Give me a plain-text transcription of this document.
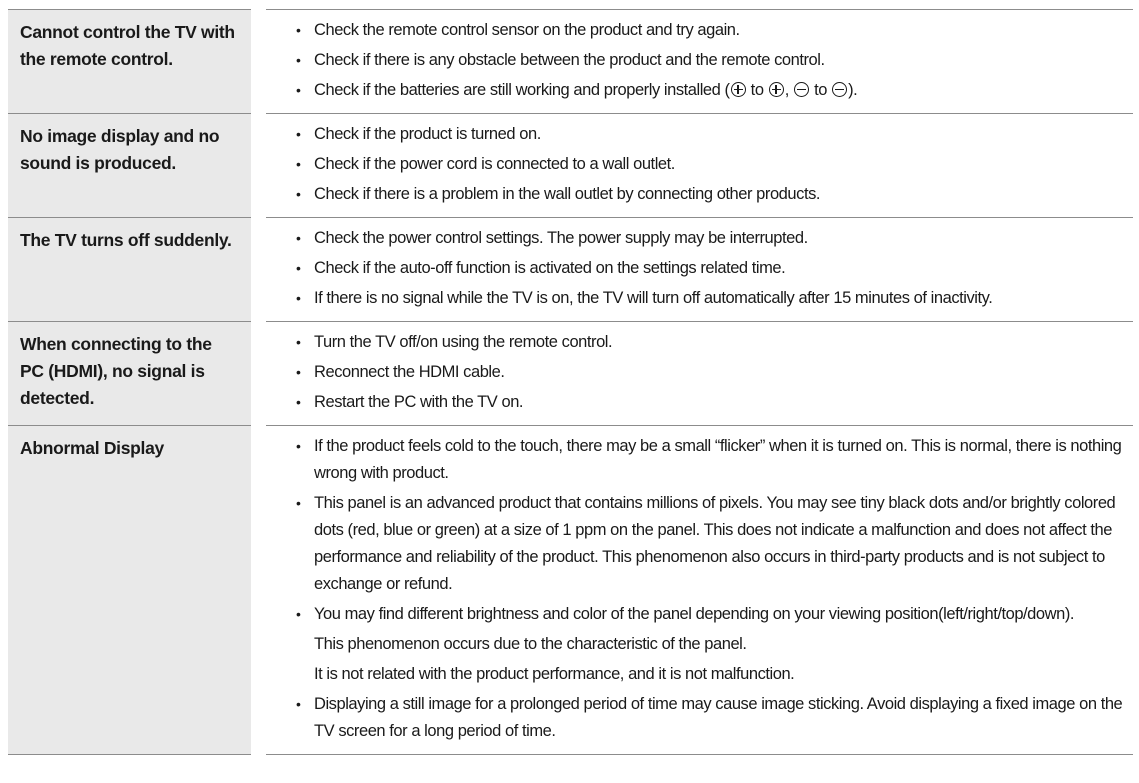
Cannot control the TV with the remote control.
• Check the remote control sensor on the product and try again.
• Check if there is any obstacle between the product and the remote control.
• Check if the batteries are still working and properly installed ( to ,  to ).
No image display and no sound is produced.
• Check if the product is turned on.
• Check if the power cord is connected to a wall outlet.
• Check if there is a problem in the wall outlet by connecting other products.
The TV turns off suddenly.	• Check the power control settings. The power supply may be interrupted.
• Check if the auto-off function is activated on the settings related time.
• If there is no signal while the TV is on, the TV will turn off automatically after 15 minutes of inactivity.
When connecting to the PC (HDMI), no signal is detected.
• Turn the TV off/on using the remote control.
• Reconnect the HDMI cable.
• Restart the PC with the TV on.
Abnormal Display	• If the product feels cold to the touch, there may be a small “flicker” when it is turned on. This is normal, there is nothing wrong with product.
• This panel is an advanced product that contains millions of pixels. You may see tiny black dots and/or brightly colored dots (red, blue or green) at a size of 1 ppm on the panel. This does not indicate a malfunction and does not affect the performance and reliability of the product. This phenomenon also occurs in third-party products and is not subject to exchange or refund.
• You may find different brightness and color of the panel depending on your viewing position(left/right/top/down).
This phenomenon occurs due to the characteristic of the panel.
It is not related with the product performance, and it is not malfunction.
• Displaying a still image for a prolonged period of time may cause image sticking. Avoid displaying a fixed image on the TV screen for a long period of time.
